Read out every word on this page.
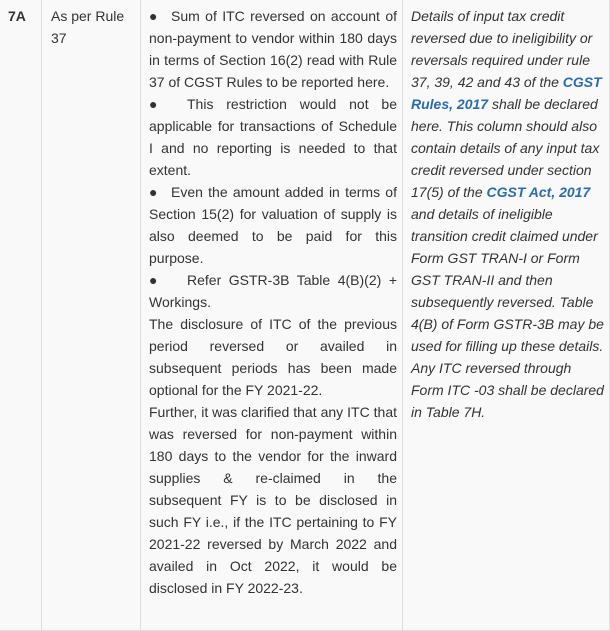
7A	As per Rule 37

● Sum of ITC reversed on account of non-payment to vendor within 180 days in terms of Section 16(2) read with Rule 37 of CGST Rules to be reported here.

● This restriction would not be applicable for transactions of Schedule I and no reporting is needed to that extent.

● Even the amount added in terms of Section 15(2) for valuation of supply is also deemed to be paid for this purpose.

● Refer GSTR-3B Table 4(B)(2) + Workings.

The disclosure of ITC of the previous period reversed or availed in subsequent periods has been made optional for the FY 2021-22.

Further, it was clarified that any ITC that was reversed for non-payment within 180 days to the vendor for the inward supplies & re-claimed in the subsequent FY is to be disclosed in such FY i.e., if the ITC pertaining to FY 2021-22 reversed by March 2022 and availed in Oct 2022, it would be disclosed in FY 2022-23.

Details of input tax credit reversed due to ineligibility or reversals required under rule 37, 39, 42 and 43 of the CGST Rules, 2017 shall be declared here. This column should also contain details of any input tax credit reversed under section 17(5) of the CGST Act, 2017 and details of ineligible transition credit claimed under Form GST TRAN-I or Form GST TRAN-II and then subsequently reversed. Table 4(B) of Form GSTR-3B may be used for filling up these details. Any ITC reversed through Form ITC -03 shall be declared in Table 7H.
